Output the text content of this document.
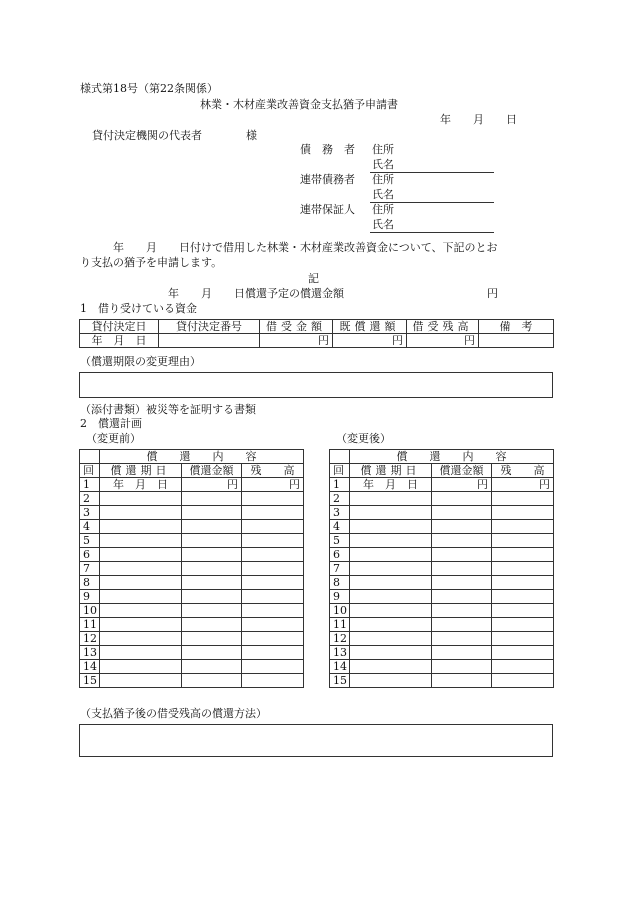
様式第18号（第22条関係）
林業・木材産業改善資金支払猶予申請書
年　　月　　日
貸付決定機関の代表者　　　　様
債　務　者 住所
氏名
連帯債務者 住所
氏名
連帯保証人 住所
氏名
　　　年　　月　　日付けで借用した林業・木材産業改善資金について、下記のとお
り支払の猶予を申請します。
記
年　　月　　日償還予定の償還金額　　　　　　　　　　　　　円
1　借り受けている資金
貸付決定日	貸付決定番号	借受金額	既償還額	借受残高	備　考
年　月　日		円	円	円	
（償還期限の変更理由）
（添付書類）被災等を証明する書類
2　償還計画
（変更前）	（変更後）
	償　　還　　内　　容		
回	償還期日	償還金額	残　　高
1	年　月　日	円	円
2			
3			
4			
5			
6			
7			
8			
9			
10			
11			
12			
13			
14			
15			
	償　　還　　内　　容		
回	償還期日	償還金額	残　　高
1	年　月　日	円	円
2			
3			
4			
5			
6			
7			
8			
9			
10			
11			
12			
13			
14			
15			
（支払猶予後の借受残高の償還方法）
